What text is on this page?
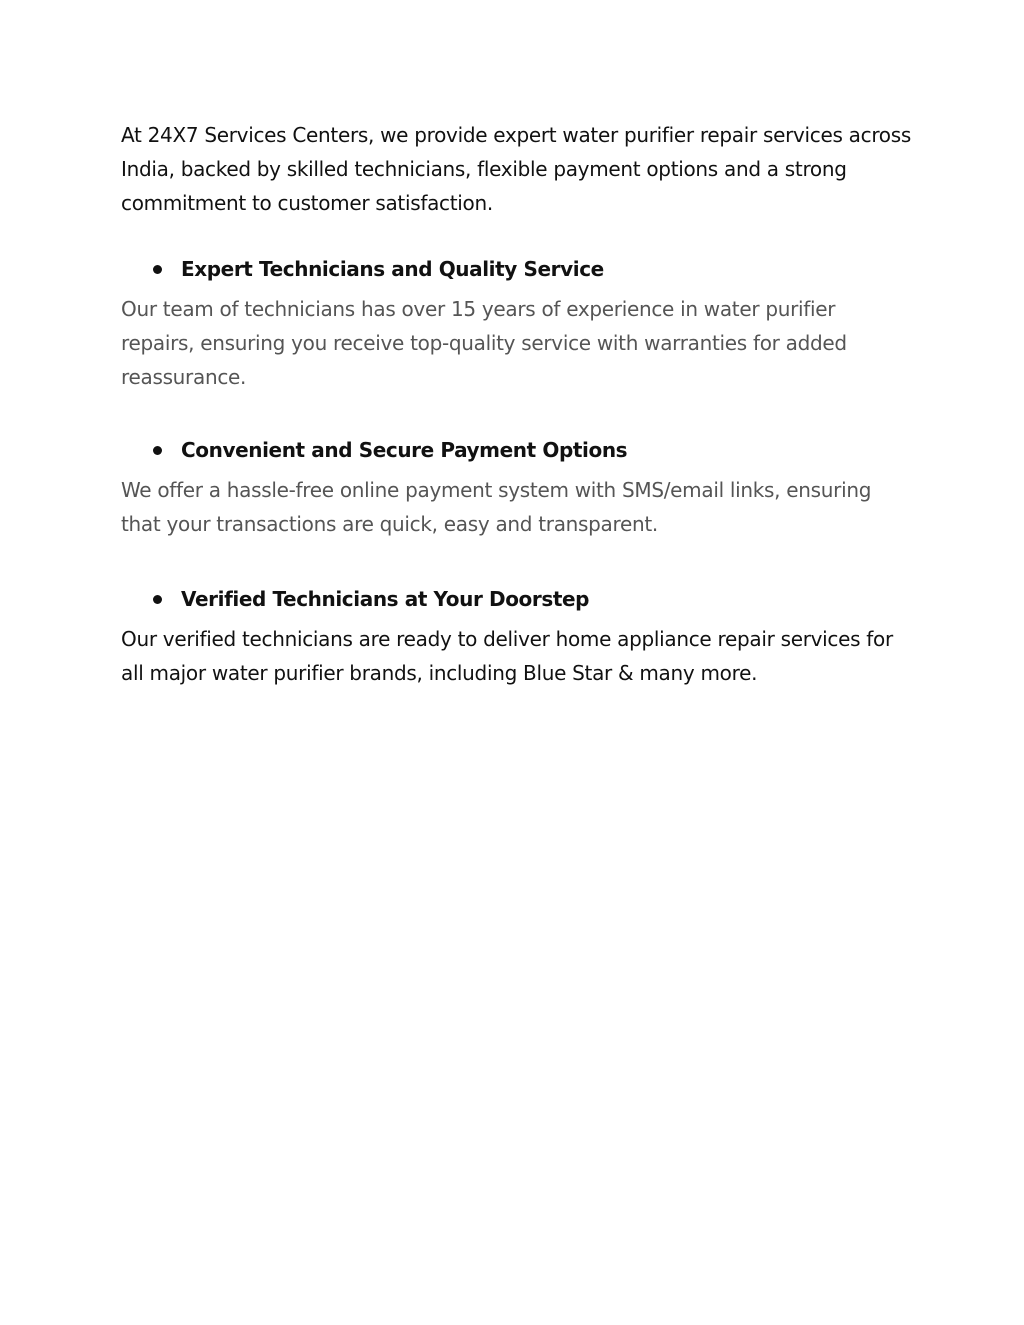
At 24X7 Services Centers, we provide expert water purifier repair services across India, backed by skilled technicians, flexible payment options and a strong commitment to customer satisfaction.

Expert Technicians and Quality Service

Our team of technicians has over 15 years of experience in water purifier repairs, ensuring you receive top-quality service with warranties for added reassurance.

Convenient and Secure Payment Options

We offer a hassle-free online payment system with SMS/email links, ensuring that your transactions are quick, easy and transparent.

Verified Technicians at Your Doorstep

Our verified technicians are ready to deliver home appliance repair services for all major water purifier brands, including Blue Star & many more.
